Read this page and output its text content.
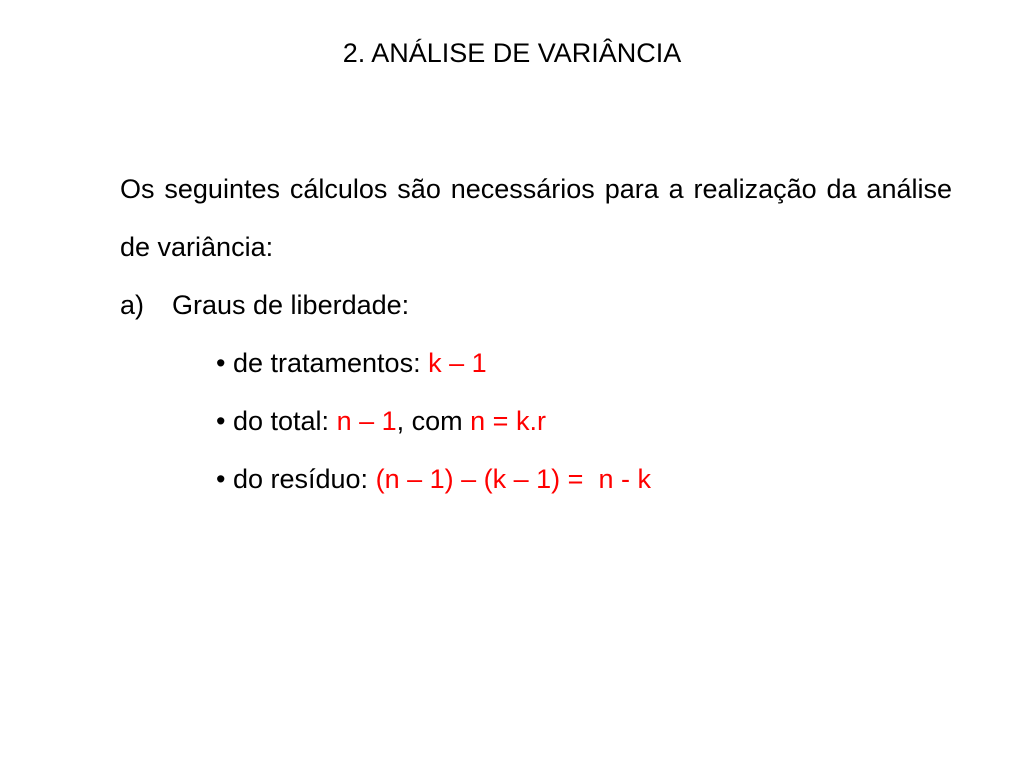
2. ANÁLISE DE VARIÂNCIA
Os seguintes cálculos são necessários para a realização da análise de variância:
a) Graus de liberdade:
• de tratamentos: k – 1
• do total: n – 1, com n = k.r
• do resíduo: (n – 1) – (k – 1) = n - k
